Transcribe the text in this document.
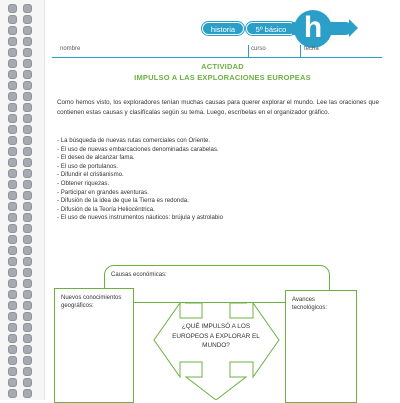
historia	5º básico h
nombre	curso	fecha
ACTIVIDAD
IMPULSO A LAS EXPLORACIONES EUROPEAS
Como hemos visto, los exploradores tenían muchas causas para querer explorar el mundo. Lee las oraciones que contienen estas causas y clasifícalas según su tema. Luego, escríbelas en el organizador gráfico.
- La búsqueda de nuevas rutas comerciales con Oriente.
- El uso de nuevas embarcaciones denominadas carabelas.
- El deseo de alcanzar fama.
- El uso de portulanos.
- Difundir el cristianismo.
- Obtener riquezas.
- Participar en grandes aventuras.
- Difusión de la idea de que la Tierra es redonda.
- Difusión de la Teoría Heliocéntrica.
- El uso de nuevos instrumentos náuticos: brújula y astrolabio
Causas económicas:
Nuevos conocimientos geográficos:
Avances tecnológicos:
¿QUÉ IMPULSÓ A LOS EUROPEOS A EXPLORAR EL MUNDO?
